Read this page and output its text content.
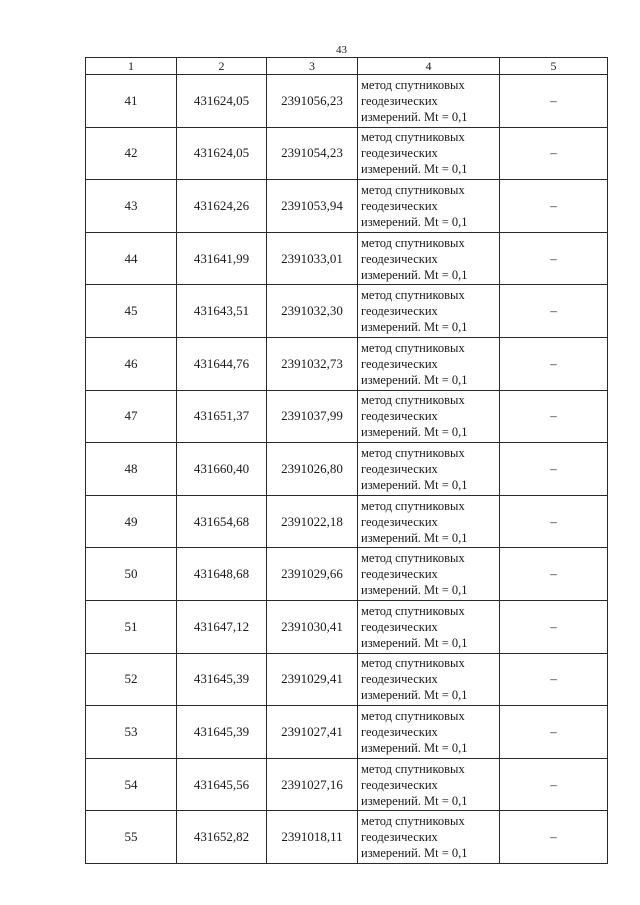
43
1	2	3	4	5
41	431624,05	2391056,23	метод спутниковых
геодезических
измерений. Mt = 0,1	–
42	431624,05	2391054,23	метод спутниковых
геодезических
измерений. Mt = 0,1	–
43	431624,26	2391053,94	метод спутниковых
геодезических
измерений. Mt = 0,1	–
44	431641,99	2391033,01	метод спутниковых
геодезических
измерений. Mt = 0,1	–
45	431643,51	2391032,30	метод спутниковых
геодезических
измерений. Mt = 0,1	–
46	431644,76	2391032,73	метод спутниковых
геодезических
измерений. Mt = 0,1	–
47	431651,37	2391037,99	метод спутниковых
геодезических
измерений. Mt = 0,1	–
48	431660,40	2391026,80	метод спутниковых
геодезических
измерений. Mt = 0,1	–
49	431654,68	2391022,18	метод спутниковых
геодезических
измерений. Mt = 0,1	–
50	431648,68	2391029,66	метод спутниковых
геодезических
измерений. Mt = 0,1	–
51	431647,12	2391030,41	метод спутниковых
геодезических
измерений. Mt = 0,1	–
52	431645,39	2391029,41	метод спутниковых
геодезических
измерений. Mt = 0,1	–
53	431645,39	2391027,41	метод спутниковых
геодезических
измерений. Mt = 0,1	–
54	431645,56	2391027,16	метод спутниковых
геодезических
измерений. Mt = 0,1	–
55	431652,82	2391018,11	метод спутниковых
геодезических
измерений. Mt = 0,1	–
